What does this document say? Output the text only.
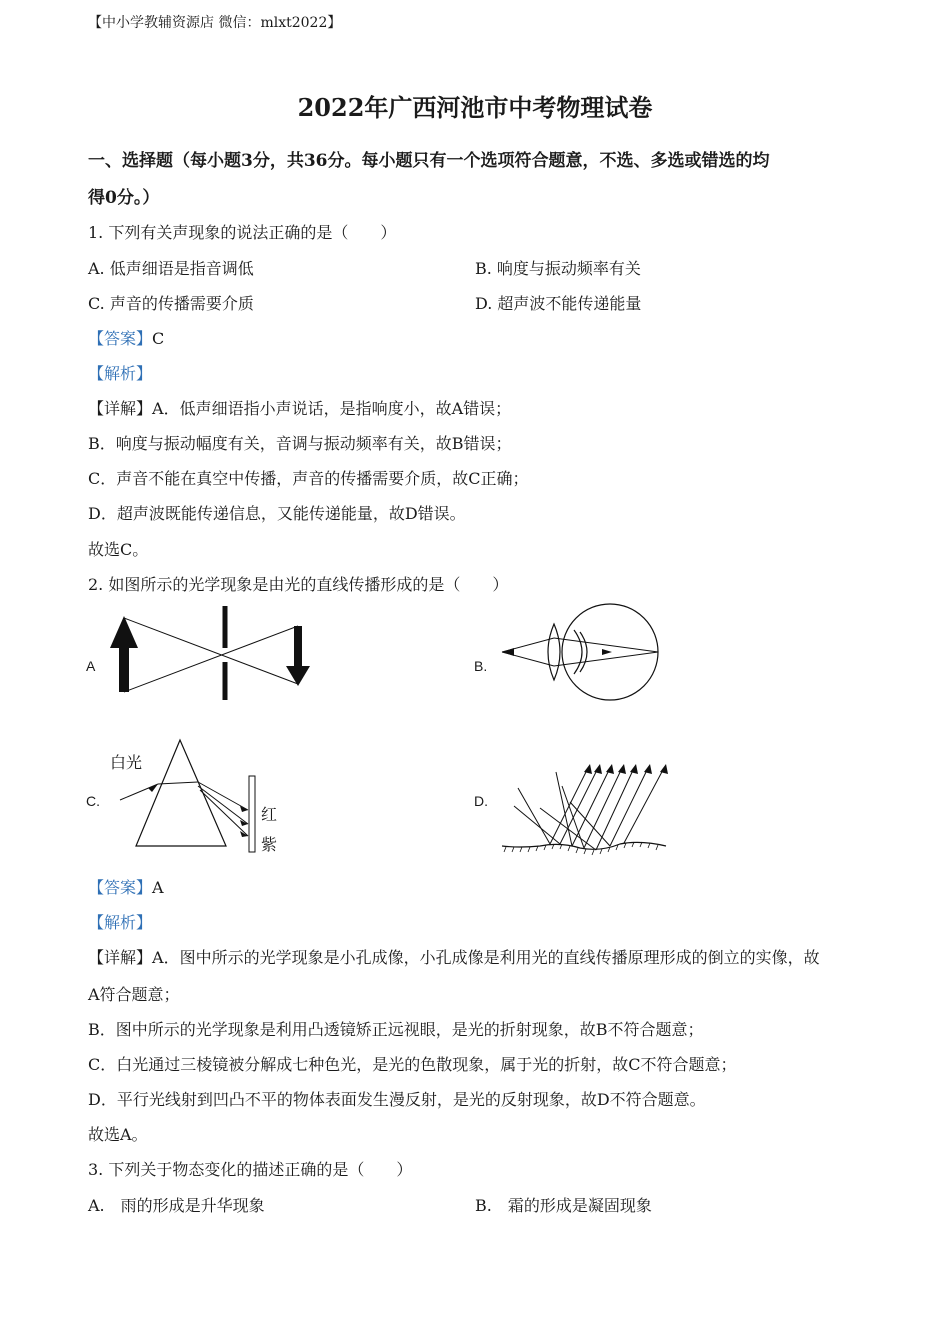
【中小学教辅资源店 微信：mlxt2022】
2022年广西河池市中考物理试卷
一、选择题（每小题3分，共36分。每小题只有一个选项符合题意，不选、多选或错选的均
得0分。）
1. 下列有关声现象的说法正确的是（　　）
A. 低声细语是指音调低	B. 响度与振动频率有关
C. 声音的传播需要介质	D. 超声波不能传递能量
【答案】C
【解析】
【详解】A．低声细语指小声说话，是指响度小，故A错误；
B．响度与振动幅度有关，音调与振动频率有关，故B错误；
C．声音不能在真空中传播，声音的传播需要介质，故C正确；
D．超声波既能传递信息，又能传递能量，故D错误。
故选C。
2. 如图所示的光学现象是由光的直线传播形成的是（　　）
A	B.
C.
白光
红
紫
D.
【答案】A
【解析】
【详解】A．图中所示的光学现象是小孔成像，小孔成像是利用光的直线传播原理形成的倒立的实像，故
A符合题意；
B．图中所示的光学现象是利用凸透镜矫正远视眼，是光的折射现象，故B不符合题意；
C．白光通过三棱镜被分解成七种色光，是光的色散现象，属于光的折射，故C不符合题意；
D．平行光线射到凹凸不平的物体表面发生漫反射，是光的反射现象，故D不符合题意。
故选A。
3. 下列关于物态变化的描述正确的是（　　）
A.　雨的形成是升华现象	B.　霜的形成是凝固现象
